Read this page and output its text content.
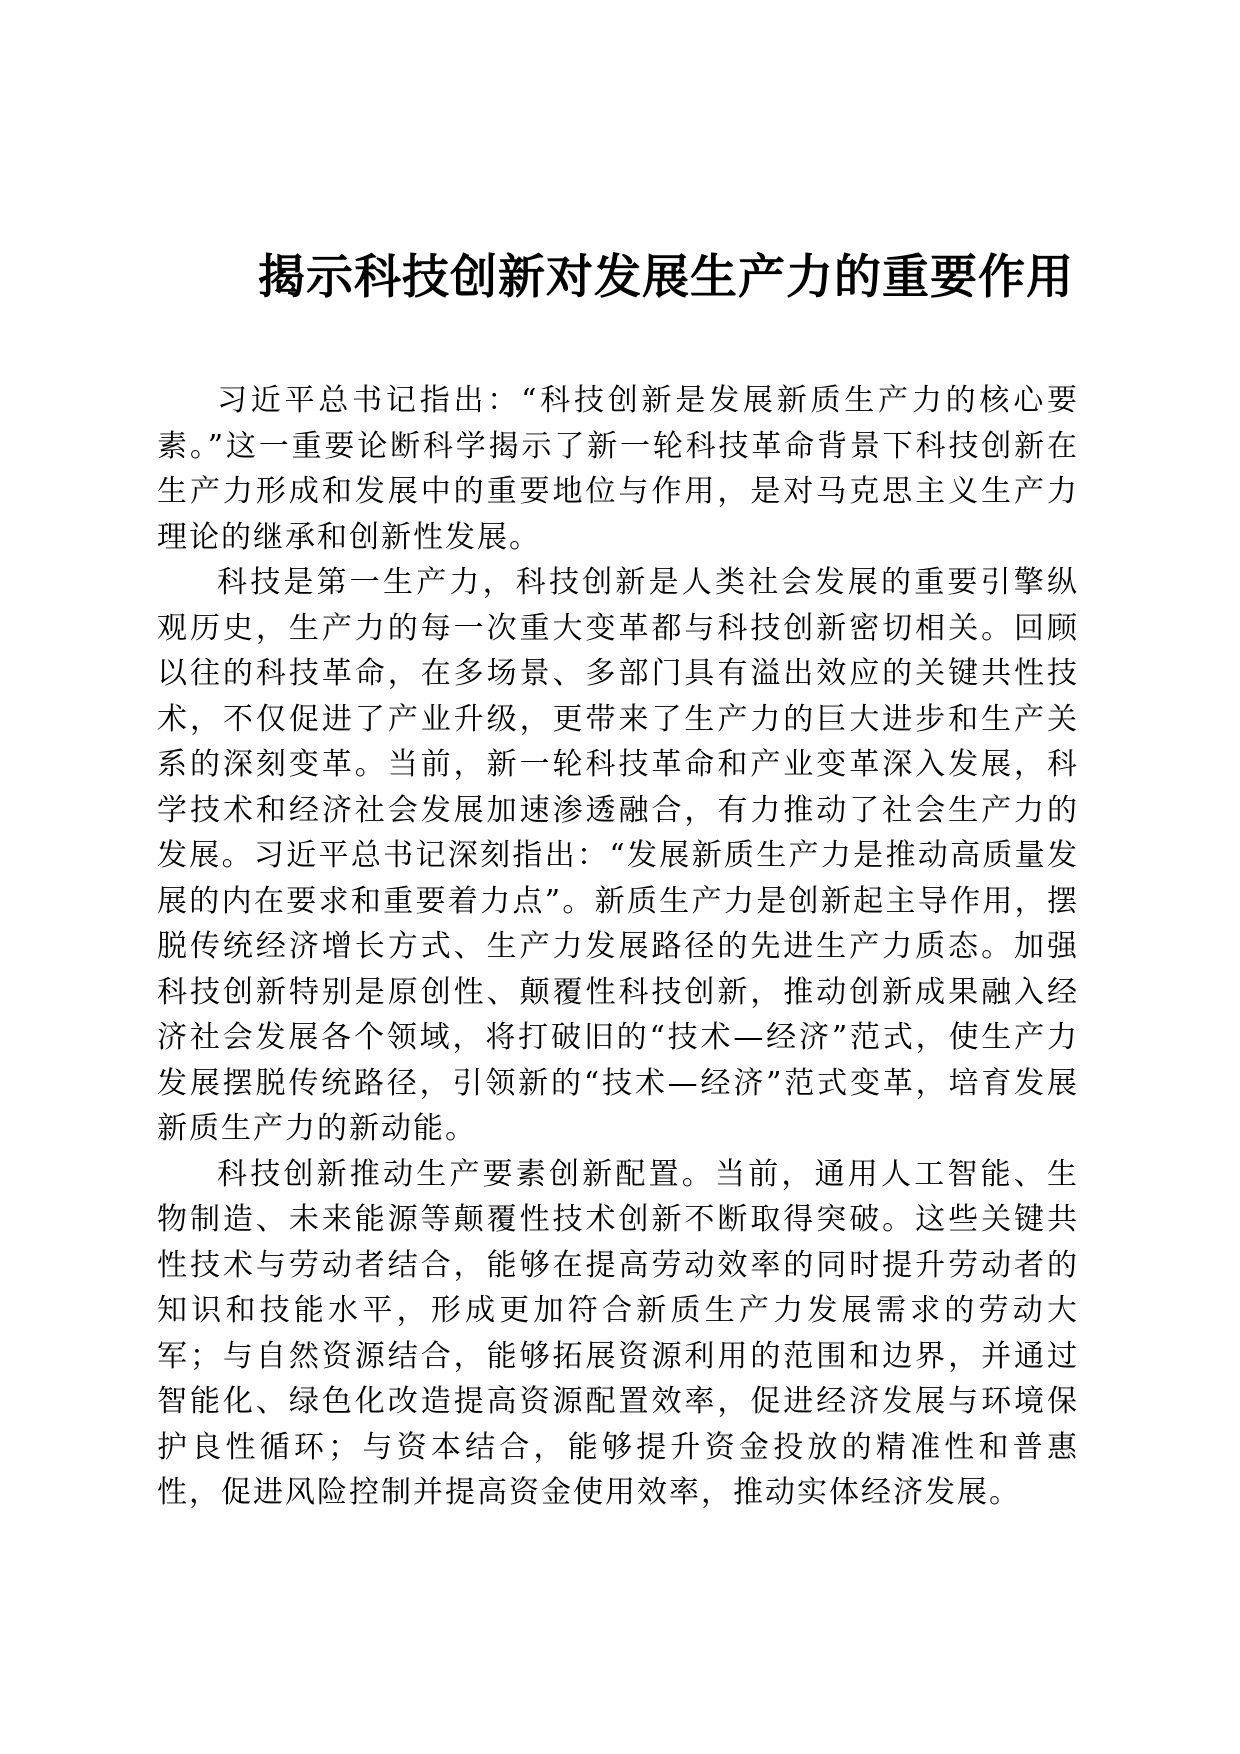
揭示科技创新对发展生产力的重要作用

习近平总书记指出：“科技创新是发展新质生产力的核心要素。”这一重要论断科学揭示了新一轮科技革命背景下科技创新在生产力形成和发展中的重要地位与作用，是对马克思主义生产力理论的继承和创新性发展。

科技是第一生产力，科技创新是人类社会发展的重要引擎纵观历史，生产力的每一次重大变革都与科技创新密切相关。回顾以往的科技革命，在多场景、多部门具有溢出效应的关键共性技术，不仅促进了产业升级，更带来了生产力的巨大进步和生产关系的深刻变革。当前，新一轮科技革命和产业变革深入发展，科学技术和经济社会发展加速渗透融合，有力推动了社会生产力的发展。习近平总书记深刻指出：“发展新质生产力是推动高质量发展的内在要求和重要着力点”。新质生产力是创新起主导作用，摆脱传统经济增长方式、生产力发展路径的先进生产力质态。加强科技创新特别是原创性、颠覆性科技创新，推动创新成果融入经济社会发展各个领域，将打破旧的“技术—经济”范式，使生产力发展摆脱传统路径，引领新的“技术—经济”范式变革，培育发展新质生产力的新动能。

科技创新推动生产要素创新配置。当前，通用人工智能、生物制造、未来能源等颠覆性技术创新不断取得突破。这些关键共性技术与劳动者结合，能够在提高劳动效率的同时提升劳动者的知识和技能水平，形成更加符合新质生产力发展需求的劳动大军；与自然资源结合，能够拓展资源利用的范围和边界，并通过智能化、绿色化改造提高资源配置效率，促进经济发展与环境保护良性循环；与资本结合，能够提升资金投放的精准性和普惠性，促进风险控制并提高资金使用效率，推动实体经济发展。
